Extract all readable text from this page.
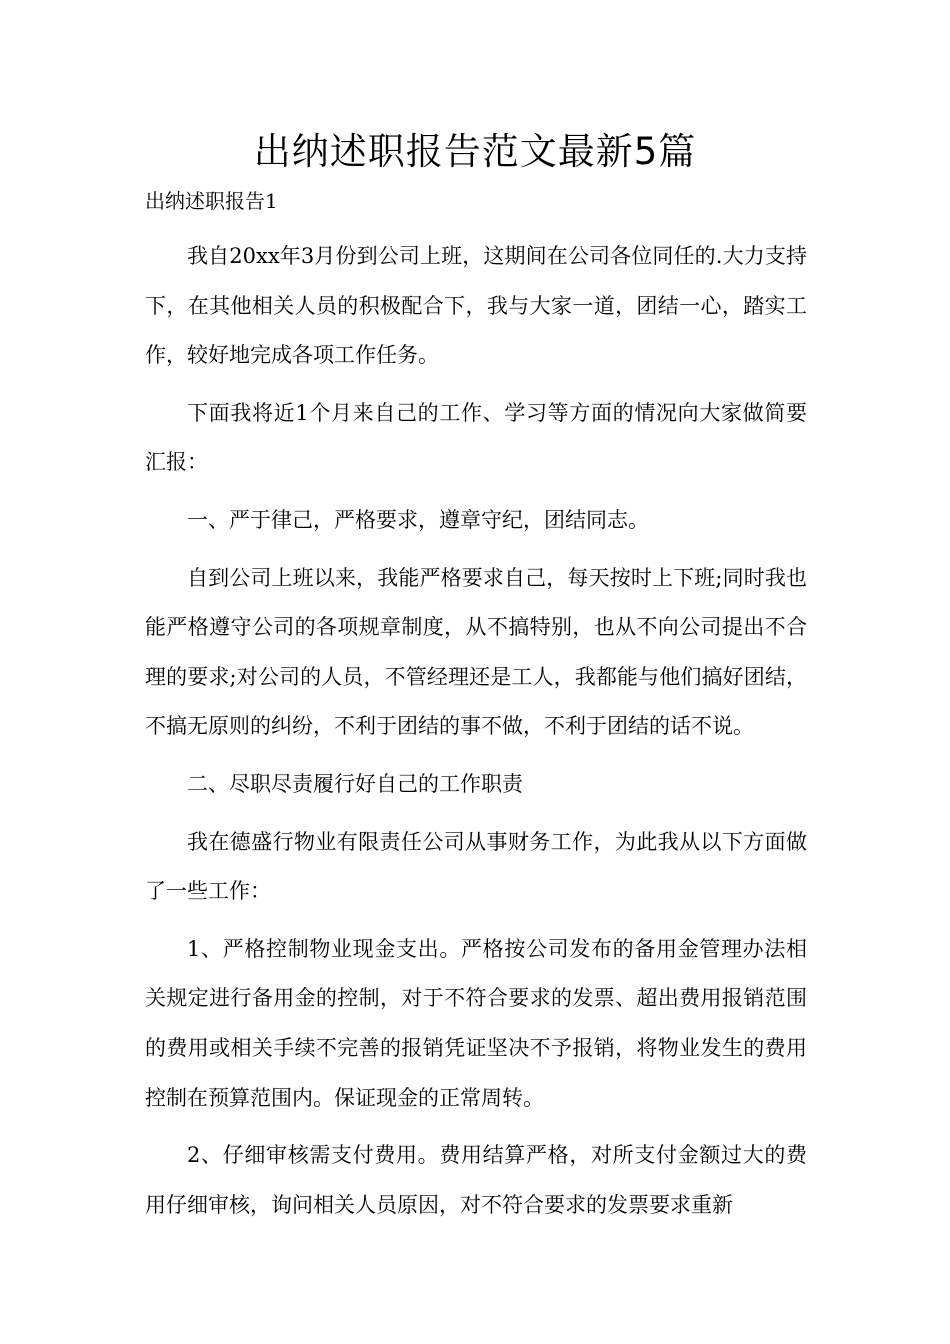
出纳述职报告范文最新5篇

出纳述职报告1

我自20xx年3月份到公司上班，这期间在公司各位同任的.大力支持下，在其他相关人员的积极配合下，我与大家一道，团结一心，踏实工作，较好地完成各项工作任务。

下面我将近1个月来自己的工作、学习等方面的情况向大家做简要汇报：

一、严于律己，严格要求，遵章守纪，团结同志。

自到公司上班以来，我能严格要求自己，每天按时上下班;同时我也能严格遵守公司的各项规章制度，从不搞特别，也从不向公司提出不合理的要求;对公司的人员，不管经理还是工人，我都能与他们搞好团结，不搞无原则的纠纷，不利于团结的事不做，不利于团结的话不说。

二、尽职尽责履行好自己的工作职责

我在德盛行物业有限责任公司从事财务工作，为此我从以下方面做了一些工作：

1、严格控制物业现金支出。严格按公司发布的备用金管理办法相关规定进行备用金的控制，对于不符合要求的发票、超出费用报销范围的费用或相关手续不完善的报销凭证坚决不予报销，将物业发生的费用控制在预算范围内。保证现金的正常周转。

2、仔细审核需支付费用。费用结算严格，对所支付金额过大的费用仔细审核，询问相关人员原因，对不符合要求的发票要求重新
